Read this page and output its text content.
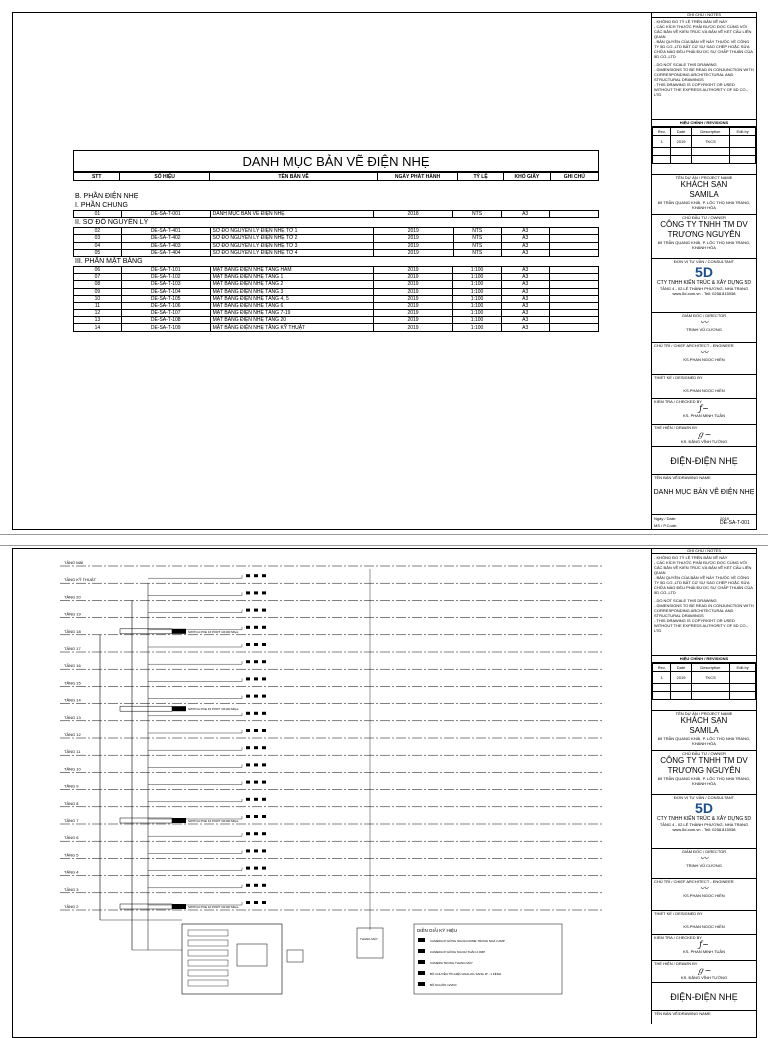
GHI CHÚ / NOTES
- KHÔNG ĐO TỶ LỆ TRÊN BẢN VẼ NÀY
- CÁC KÍCH THƯỚC PHẢI ĐƯỢC ĐỌC CÙNG VỚI CÁC BẢN VẼ KIẾN TRÚC VÀ BẢN VẼ KẾT CẤU LIÊN QUAN
- BẢN QUYỀN CỦA BẢN VẼ NÀY THUỘC VỀ CÔNG TY 5D CO.,LTD BẤT CỨ SỰ SAO CHÉP HOẶC SỬA CHỮA NÀO ĐỀU PHẢI ĐƯỢC SỰ CHẤP THUẬN CỦA 5D CO.,LTD
- DO NOT SCALE THIS DRAWING
- DIMENSIONS TO BE READ IN CONJUNCTION WITH CORRESPONDING ARCHITECTURAL AND STRUCTURAL DRAWINGS
- THIS DRAWING IS COPYRIGHT OR USED WITHOUT THE EXPRESS AUTHORITY OF 5D CO., LTD
HIỆU CHỈNH / REVISIONS
Rev.	Date	Description	Edit by
1	2019	TKCS	

TÊN DỰ ÁN / PROJECT NAME
KHÁCH SẠN
SAMILA
89 TRẦN QUANG KHẢI, P. LỘC THỌ NHA TRANG, KHÁNH HÒA
CHỦ ĐẦU TƯ / OWNER
CÔNG TY TNHH TM DV
TRƯƠNG NGUYÊN
89 TRẦN QUANG KHẢI, P. LỘC THỌ NHA TRANG, KHÁNH HÒA
ĐƠN VỊ TƯ VẤN / CONSULTANT
5D
CTY TNHH KIẾN TRÚC & XÂY DỰNG 5D
TẦNG 4 - 02 LÊ THÀNH PHƯƠNG, NHA TRANG www.5d.com.vn - Tell: 0258.815058
GIÁM ĐỐC / DIRECTOR
〰
TRỊNH VŨ CƯƠNG
CHỦ TRÌ / CHIEF ARCHITECT - ENGINEER
〰
KS.PHAN NGỌC HIỀN
THIẾT KẾ / DESIGNED BY
KS.PHAN NGỌC HIỀN
KIỂM TRA / CHECKED BY
ƒ~
KS. PHAN MINH TUẤN
THỂ HIỆN / DRAWN BY
ℊ~
KS. ĐẶNG VĨNH TƯỜNG
ĐIỆN-ĐIỆN NHẸ
TÊN BẢN VẼ/DRAWING NAME
DANH MỤC BẢN VẼ ĐIỆN NHẸ
Ngày / Date:	2019
MS / P.Code:	DE-SA-T-001
DANH MỤC BẢN VẼ ĐIỆN NHẸ
STT	SỐ HIỆU	TÊN BẢN VẼ	NGÀY PHÁT HÀNH	TỶ LỆ	KHỔ GIẤY	GHI CHÚ
B. PHẦN ĐIỆN NHẸ
I. PHẦN CHUNG
01	DE-SA-T-001	DANH MỤC BẢN VẼ ĐIỆN NHẸ	2018	NTS	A3	
II. SƠ ĐỒ NGUYÊN LÝ
02	DE-SA-T-401	SƠ ĐỒ NGUYÊN LÝ ĐIỆN NHẸ TỜ 1	2019	NTS	A3	
03	DE-SA-T-402	SƠ ĐỒ NGUYÊN LÝ ĐIỆN NHẸ TỜ 2	2019	NTS	A3	
04	DE-SA-T-403	SƠ ĐỒ NGUYÊN LÝ ĐIỆN NHẸ TỜ 3	2019	NTS	A3	
05	DE-SA-T-404	SƠ ĐỒ NGUYÊN LÝ ĐIỆN NHẸ TỜ 4	2019	NTS	A3	
III. PHẦN MẶT BẰNG
06	DE-SA-T-101	MẶT BẰNG ĐIỆN NHẸ TẦNG HẦM	2019	1:100	A3	
07	DE-SA-T-102	MẶT BẰNG ĐIỆN NHẸ TẦNG 1	2019	1:100	A3	
08	DE-SA-T-103	MẶT BẰNG ĐIỆN NHẸ TẦNG 2	2019	1:100	A3	
09	DE-SA-T-104	MẶT BẰNG ĐIỆN NHẸ TẦNG 3	2019	1:100	A3	
10	DE-SA-T-105	MẶT BẰNG ĐIỆN NHẸ TẦNG 4, 5	2019	1:100	A3	
11	DE-SA-T-106	MẶT BẰNG ĐIỆN NHẸ TẦNG 6	2019	1:100	A3	
12	DE-SA-T-107	MẶT BẰNG ĐIỆN NHẸ TẦNG 7-19	2019	1:100	A3	
13	DE-SA-T-108	MẶT BẰNG ĐIỆN NHẸ TẦNG 20	2019	1:100	A3	
14	DE-SA-T-109	MẶT BẰNG ĐIỆN NHẸ TẦNG KỸ THUẬT	2019	1:100	A3	
GHI CHÚ / NOTES
- KHÔNG ĐO TỶ LỆ TRÊN BẢN VẼ NÀY
- CÁC KÍCH THƯỚC PHẢI ĐƯỢC ĐỌC CÙNG VỚI CÁC BẢN VẼ KIẾN TRÚC VÀ BẢN VẼ KẾT CẤU LIÊN QUAN
- BẢN QUYỀN CỦA BẢN VẼ NÀY THUỘC VỀ CÔNG TY 5D CO.,LTD BẤT CỨ SỰ SAO CHÉP HOẶC SỬA CHỮA NÀO ĐỀU PHẢI ĐƯỢC SỰ CHẤP THUẬN CỦA 5D CO.,LTD
- DO NOT SCALE THIS DRAWING
- DIMENSIONS TO BE READ IN CONJUNCTION WITH CORRESPONDING ARCHITECTURAL AND STRUCTURAL DRAWINGS
- THIS DRAWING IS COPYRIGHT OR USED WITHOUT THE EXPRESS AUTHORITY OF 5D CO., LTD
HIỆU CHỈNH / REVISIONS
Rev.	Date	Description	Edit by
1	2019	TKCS	

TÊN DỰ ÁN / PROJECT NAME
KHÁCH SẠN
SAMILA
89 TRẦN QUANG KHẢI, P. LỘC THỌ NHA TRANG, KHÁNH HÒA
CHỦ ĐẦU TƯ / OWNER
CÔNG TY TNHH TM DV
TRƯƠNG NGUYÊN
89 TRẦN QUANG KHẢI, P. LỘC THỌ NHA TRANG, KHÁNH HÒA
ĐƠN VỊ TƯ VẤN / CONSULTANT
5D
CTY TNHH KIẾN TRÚC & XÂY DỰNG 5D
TẦNG 4 - 02 LÊ THÀNH PHƯƠNG, NHA TRANG www.5d.com.vn - Tell: 0258.815058
GIÁM ĐỐC / DIRECTOR
〰
TRỊNH VŨ CƯƠNG
CHỦ TRÌ / CHIEF ARCHITECT - ENGINEER
〰
KS.PHAN NGỌC HIỀN
THIẾT KẾ / DESIGNED BY
KS.PHAN NGỌC HIỀN
KIỂM TRA / CHECKED BY
ƒ~
KS. PHAN MINH TUẤN
THỂ HIỆN / DRAWN BY
ℊ~
KS. ĐẶNG VĨNH TƯỜNG
ĐIỆN-ĐIỆN NHẸ
TÊN BẢN VẼ/DRAWING NAME
TẦNG MÁI
TẦNG KỸ THUẬT
TẦNG 20
TẦNG 19
TẦNG 18
TẦNG 17
TẦNG 16
TẦNG 15
TẦNG 14
TẦNG 13
TẦNG 12
TẦNG 11
TẦNG 10
TẦNG 9
TẦNG 8
TẦNG 7
TẦNG 6
TẦNG 5
TẦNG 4
TẦNG 3
TẦNG 2
SWITCH POE 16 PORT 10/100 Mbps
SWITCH POE 16 PORT 10/100 Mbps
SWITCH POE 16 PORT 10/100 Mbps
SWITCH POE 16 PORT 10/100 Mbps
THANG MÁY
DIỄN GIẢI KÝ HIỆU
CAMERA IP HỒNG NGOẠI DOME TRONG NHÀ 2.0MP
CAMERA IP HỒNG NGOẠI THÂN 2.0MP
CAMERA TRONG THANG MÁY
BỘ CHUYỂN TÍN HIỆU ANALOG SANG IP - 1 KÊNH
BỘ NGUỒN 12VDC
